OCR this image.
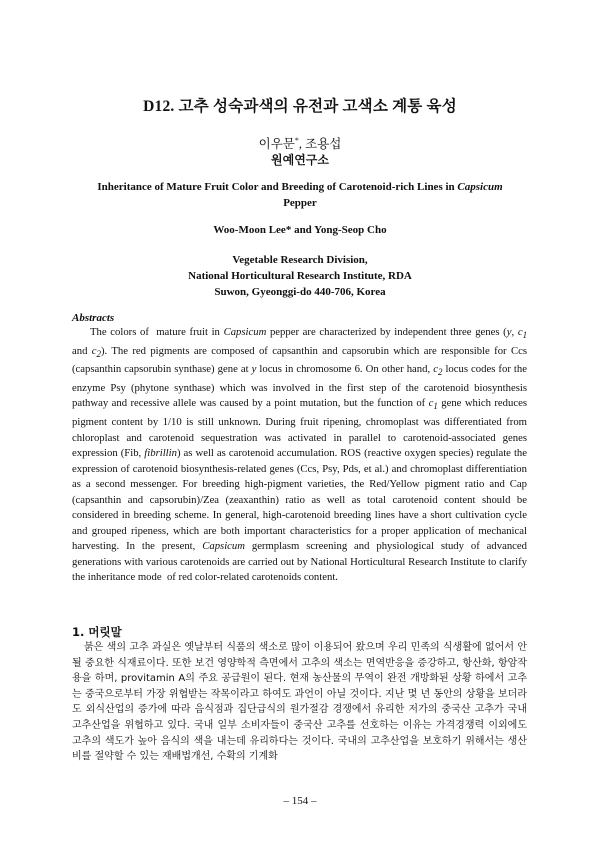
D12. 고추 성숙과색의 유전과 고색소 계통 육성
이우문*, 조용섭
원예연구소
Inheritance of Mature Fruit Color and Breeding of Carotenoid-rich Lines in Capsicum
Pepper
Woo-Moon Lee* and Yong-Seop Cho
Vegetable Research Division,
National Horticultural Research Institute, RDA
Suwon, Gyeonggi-do 440-706, Korea
Abstracts

The colors of  mature fruit in Capsicum pepper are characterized by independent three genes (y, $c_1$ and $c_2$). The red pigments are composed of capsanthin and capsorubin which are responsible for Ccs (capsanthin capsorubin synthase) gene at y locus in chromosome 6. On other hand, $c_2$ locus codes for the enzyme Psy (phytone synthase) which was involved in the first step of the carotenoid biosynthesis pathway and recessive allele was caused by a point mutation, but the function of $c_1$ gene which reduces pigment content by 1/10 is still unknown. During fruit ripening, chromoplast was differentiated from chloroplast and carotenoid sequestration was activated in parallel to carotenoid-associated genes expression (Fib, fibrillin) as well as carotenoid accumulation. ROS (reactive oxygen species) regulate the expression of carotenoid biosynthesis-related genes (Ccs, Psy, Pds, et al.) and chromoplast differentiation as a second messenger. For breeding high-pigment varieties, the Red/Yellow pigment ratio and Cap (capsanthin and capsorubin)/Zea (zeaxanthin) ratio as well as total carotenoid content should be considered in breeding scheme. In general, high-carotenoid breeding lines have a short cultivation cycle and grouped ripeness, which are both important characteristics for a proper application of mechanical harvesting. In the present, Capsicum germplasm screening and physiological study of advanced generations with various carotenoids are carried out by National Horticultural Research Institute to clarify the inheritance mode  of red color-related carotenoids content.

1. 머릿말

붉은 색의 고추 과실은 옛날부터 식품의 색소로 많이 이용되어 왔으며 우리 민족의 식생활에 없어서 안될 중요한 식재료이다. 또한 보건 영양학적 측면에서 고추의 색소는 면역반응을 증강하고, 항산화, 항암작용을 하며, provitamin A의 주요 공급원이 된다. 현재 농산물의 무역이 완전 개방화된 상황 하에서 고추는 중국으로부터 가장 위협받는 작목이라고 하여도 과언이 아닐 것이다. 지난 몇 년 동안의 상황을 보더라도 외식산업의 증가에 따라 음식점과 집단급식의 원가절감 경쟁에서 유리한 저가의 중국산 고추가 국내 고추산업을 위협하고 있다. 국내 일부 소비자들이 중국산 고추를 선호하는 이유는 가격경쟁력 이외에도 고추의 색도가 높아 음식의 색을 내는데 유리하다는 것이다. 국내의 고추산업을 보호하기 위해서는 생산비를 절약할 수 있는 재배법개선, 수확의 기계화

– 154 –
